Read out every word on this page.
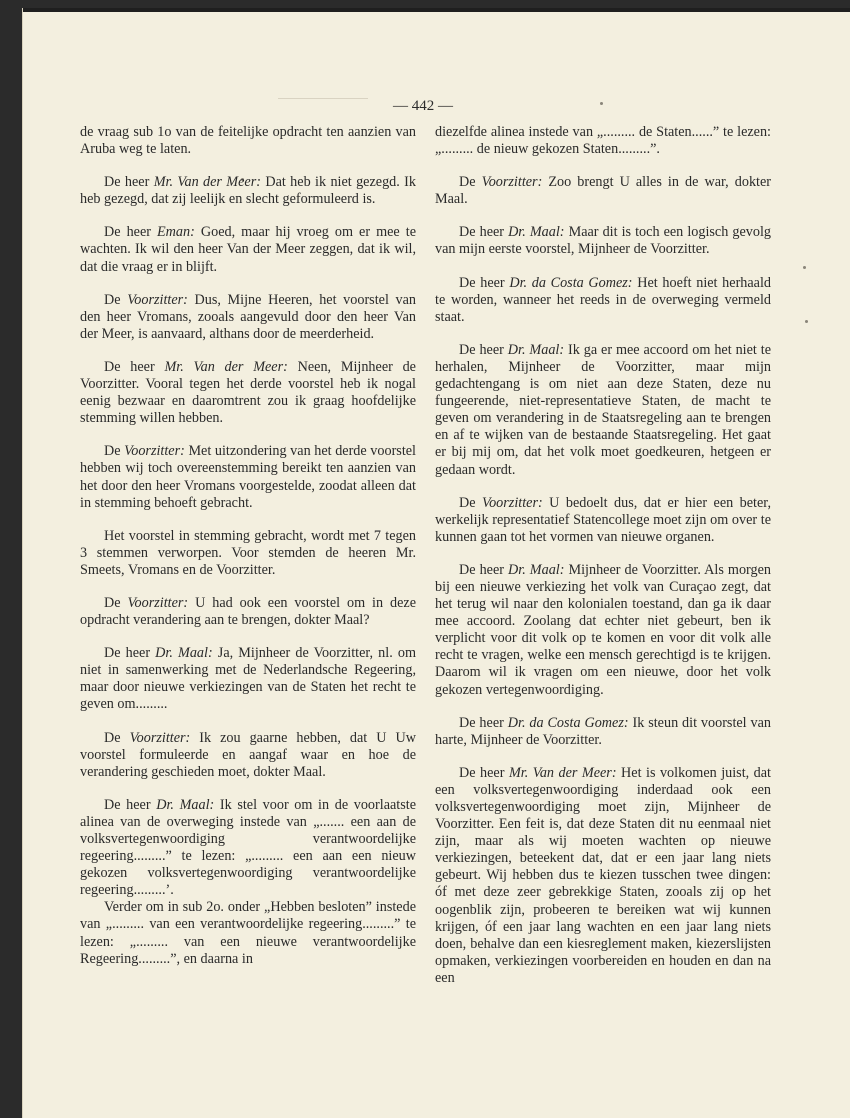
— 442 —

de vraag sub 1o van de feitelijke opdracht ten aanzien van Aruba weg te laten.

De heer Mr. Van der Meer: Dat heb ik niet gezegd. Ik heb gezegd, dat zij leelijk en slecht geformuleerd is.

De heer Eman: Goed, maar hij vroeg om er mee te wachten. Ik wil den heer Van der Meer zeggen, dat ik wil, dat die vraag er in blijft.

De Voorzitter: Dus, Mijne Heeren, het voorstel van den heer Vromans, zooals aangevuld door den heer Van der Meer, is aanvaard, althans door de meerderheid.

De heer Mr. Van der Meer: Neen, Mijnheer de Voorzitter. Vooral tegen het derde voorstel heb ik nogal eenig bezwaar en daaromtrent zou ik graag hoofdelijke stemming willen hebben.

De Voorzitter: Met uitzondering van het derde voorstel hebben wij toch overeenstemming bereikt ten aanzien van het door den heer Vromans voorgestelde, zoodat alleen dat in stemming behoeft gebracht.

Het voorstel in stemming gebracht, wordt met 7 tegen 3 stemmen verworpen. Voor stemden de heeren Mr. Smeets, Vromans en de Voorzitter.

De Voorzitter: U had ook een voorstel om in deze opdracht verandering aan te brengen, dokter Maal?

De heer Dr. Maal: Ja, Mijnheer de Voorzitter, nl. om niet in samenwerking met de Nederlandsche Regeering, maar door nieuwe verkiezingen van de Staten het recht te geven om.........

De Voorzitter: Ik zou gaarne hebben, dat U Uw voorstel formuleerde en aangaf waar en hoe de verandering geschieden moet, dokter Maal.

De heer Dr. Maal: Ik stel voor om in de voorlaatste alinea van de overweging instede van „....... een aan de volksvertegenwoordiging verantwoordelijke regeering.........” te lezen: „......... een aan een nieuw gekozen volksvertegenwoordiging verantwoordelijke regeering.........’.

Verder om in sub 2o. onder „Hebben besloten” instede van „......... van een verantwoordelijke regeering.........” te lezen: „......... van een nieuwe verantwoordelijke Regeering.........”, en daarna in

diezelfde alinea instede van „......... de Staten......” te lezen: „......... de nieuw gekozen Staten.........”.

De Voorzitter: Zoo brengt U alles in de war, dokter Maal.

De heer Dr. Maal: Maar dit is toch een logisch gevolg van mijn eerste voorstel, Mijnheer de Voorzitter.

De heer Dr. da Costa Gomez: Het hoeft niet herhaald te worden, wanneer het reeds in de overweging vermeld staat.

De heer Dr. Maal: Ik ga er mee accoord om het niet te herhalen, Mijnheer de Voorzitter, maar mijn gedachtengang is om niet aan deze Staten, deze nu fungeerende, niet-representatieve Staten, de macht te geven om verandering in de Staatsregeling aan te brengen en af te wijken van de bestaande Staatsregeling. Het gaat er bij mij om, dat het volk moet goedkeuren, hetgeen er gedaan wordt.

De Voorzitter: U bedoelt dus, dat er hier een beter, werkelijk representatief Statencollege moet zijn om over te kunnen gaan tot het vormen van nieuwe organen.

De heer Dr. Maal: Mijnheer de Voorzitter. Als morgen bij een nieuwe verkiezing het volk van Curaçao zegt, dat het terug wil naar den kolonialen toestand, dan ga ik daar mee accoord. Zoolang dat echter niet gebeurt, ben ik verplicht voor dit volk op te komen en voor dit volk alle recht te vragen, welke een mensch gerechtigd is te krijgen. Daarom wil ik vragen om een nieuwe, door het volk gekozen vertegenwoordiging.

De heer Dr. da Costa Gomez: Ik steun dit voorstel van harte, Mijnheer de Voorzitter.

De heer Mr. Van der Meer: Het is volkomen juist, dat een volksvertegenwoordiging inderdaad ook een volksvertegenwoordiging moet zijn, Mijnheer de Voorzitter. Een feit is, dat deze Staten dit nu eenmaal niet zijn, maar als wij moeten wachten op nieuwe verkiezingen, beteekent dat, dat er een jaar lang niets gebeurt. Wij hebben dus te kiezen tusschen twee dingen: óf met deze zeer gebrekkige Staten, zooals zij op het oogenblik zijn, probeeren te bereiken wat wij kunnen krijgen, óf een jaar lang wachten en een jaar lang niets doen, behalve dan een kiesreglement maken, kiezerslijsten opmaken, verkiezingen voorbereiden en houden en dan na een
